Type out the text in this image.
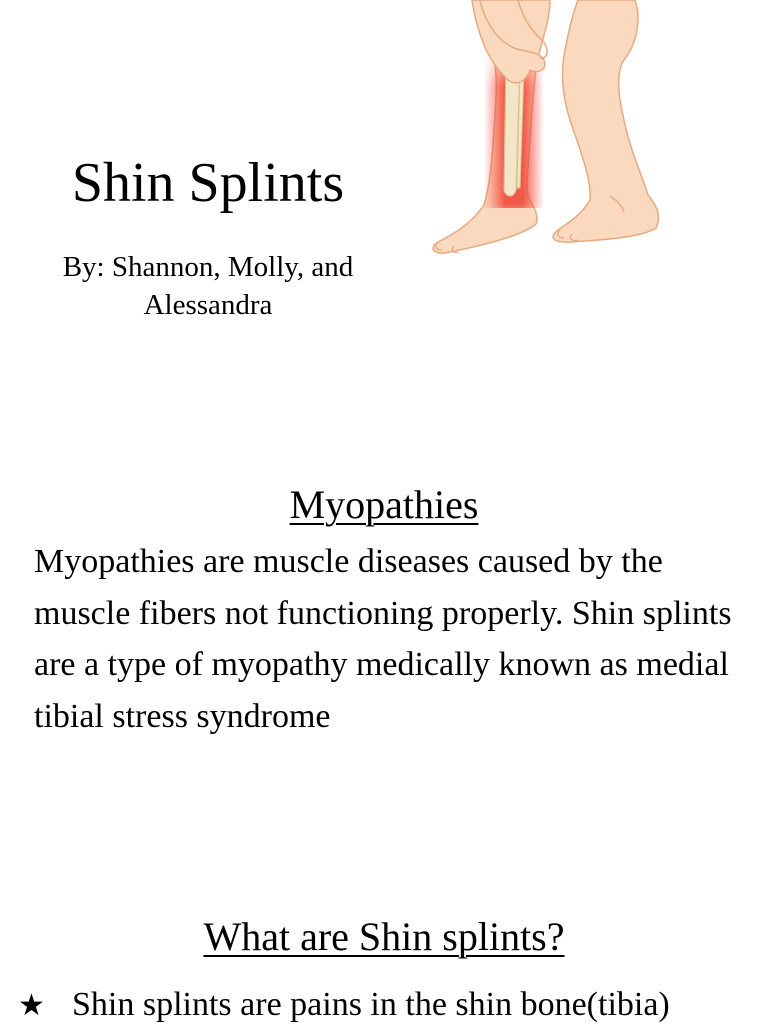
Shin Splints
By: Shannon, Molly, and Alessandra
Myopathies
Myopathies are muscle diseases caused by the muscle fibers not functioning properly. Shin splints are a type of myopathy medically known as medial tibial stress syndrome
What are Shin splints?
★ Shin splints are pains in the shin bone(tibia)
